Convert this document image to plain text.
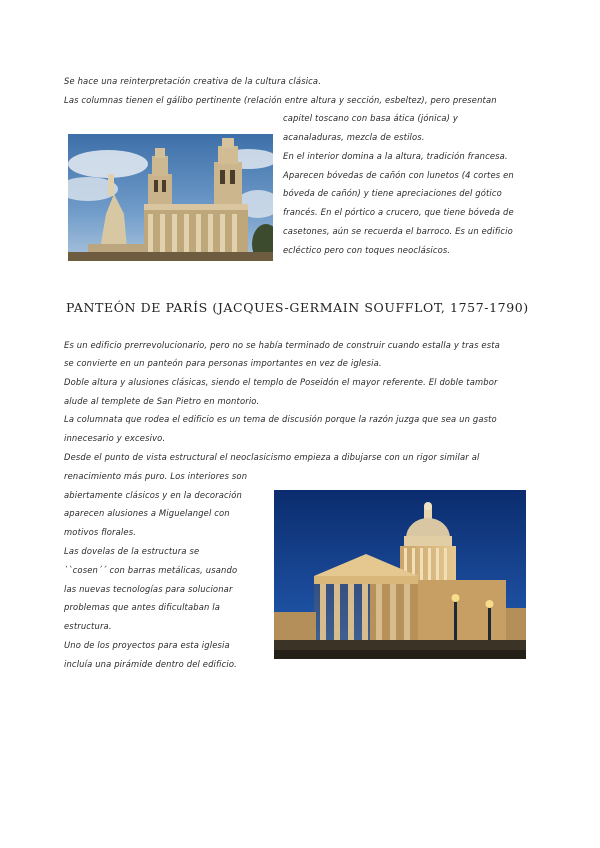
Se hace una reinterpretación creativa de la cultura clásica.
Las columnas tienen el gálibo pertinente (relación entre altura y sección, esbeltez), pero presentan
capitel toscano con basa ática (jónica) y
acanaladuras, mezcla de estilos.
En el interior domina a la altura, tradición francesa.
Aparecen bóvedas de cañón con lunetos (4 cortes en
bóveda de cañón) y tiene apreciaciones del gótico
francés. En el pórtico a crucero, que tiene bóveda de
casetones, aún se recuerda el barroco. Es un edificio
ecléctico pero con toques neoclásicos.
PANTEÓN DE PARÍS (JACQUES-GERMAIN SOUFFLOT, 1757-1790)
Es un edificio prerrevolucionario, pero no se había terminado de construir cuando estalla y tras esta
se convierte en un panteón para personas importantes en vez de iglesia.
Doble altura y alusiones clásicas, siendo el templo de Poseidón el mayor referente. El doble tambor
alude al templete de San Pietro en montorio.
La columnata que rodea el edificio es un tema de discusión porque la razón juzga que sea un gasto
innecesario y excesivo.
Desde el punto de vista estructural el neoclasicismo empieza a dibujarse con un rigor similar al
renacimiento más puro. Los interiores son
abiertamente clásicos y en la decoración
aparecen alusiones a Miguelangel con
motivos florales.
Las dovelas de la estructura se
``cosen´´ con barras metálicas, usando
las nuevas tecnologías para solucionar
problemas que antes dificultaban la
estructura.
Uno de los proyectos para esta iglesia
incluía una pirámide dentro del edificio.
